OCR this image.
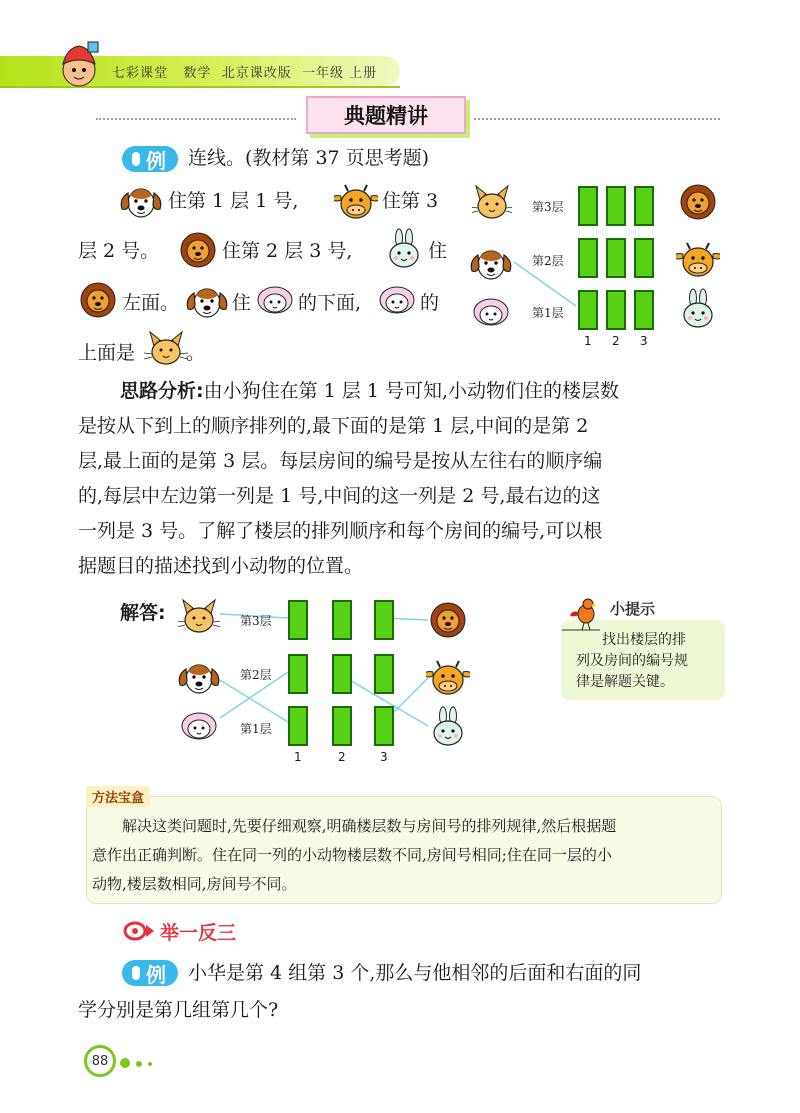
七彩课堂 数学 北京课改版 一年级 上册
典题精讲
例 连线。(教材第 37 页思考题)
住第 1 层 1 号,	住第 3
层 2 号。	住第 2 层 3 号,	住
左面。	住 的下面,	的
上面是	。
第3层
第2层
第1层
1 2 3
思路分析:由小狗住在第 1 层 1 号可知,小动物们住的楼层数
是按从下到上的顺序排列的,最下面的是第 1 层,中间的是第 2
层,最上面的是第 3 层。每层房间的编号是按从左往右的顺序编
的,每层中左边第一列是 1 号,中间的这一列是 2 号,最右边的这
一列是 3 号。了解了楼层的排列顺序和每个房间的编号,可以根
据题目的描述找到小动物的位置。
解答:	第3层
第2层
第1层
1	2	3
小提示
找出楼层的排
列及房间的编号规
律是解题关键。
方法宝盒
解决这类问题时,先要仔细观察,明确楼层数与房间号的排列规律,然后根据题
意作出正确判断。住在同一列的小动物楼层数不同,房间号相同;住在同一层的小
动物,楼层数相同,房间号不同。
举一反三
例 小华是第 4 组第 3 个,那么与他相邻的后面和右面的同
学分别是第几组第几个?
88
